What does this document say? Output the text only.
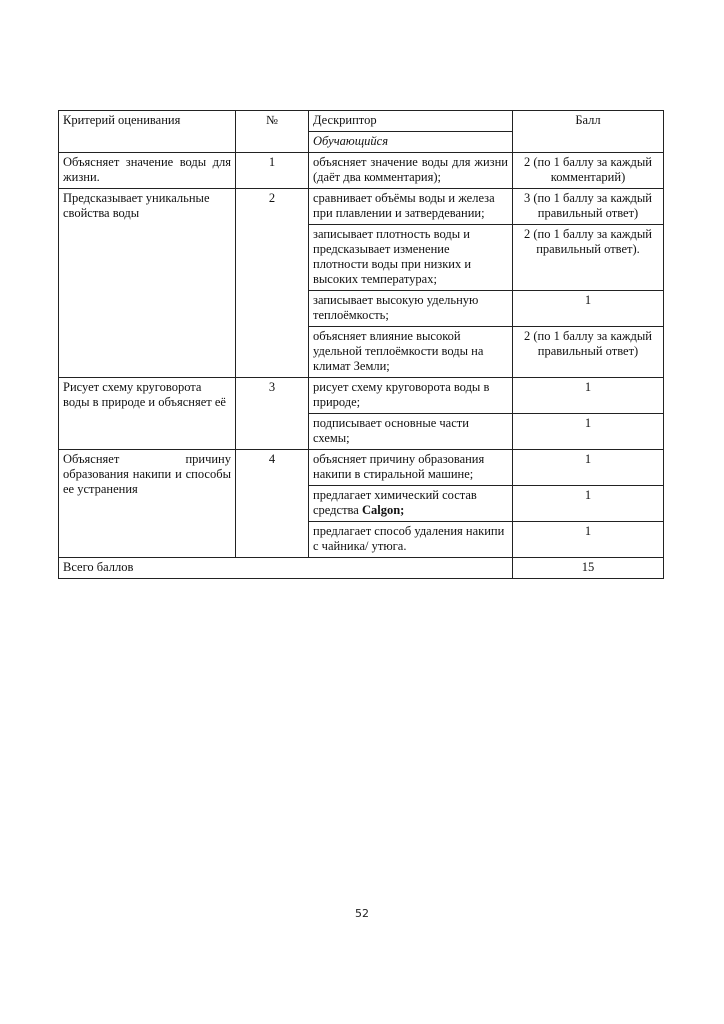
Критерий оценивания	№	Дескриптор	Балл
		Обучающийся	
Объясняет значение воды для жизни.	1	объясняет значение воды для жизни (даёт два комментария);	2 (по 1 баллу за каждый комментарий)
Предсказывает уникальные свойства воды	2	сравнивает объёмы воды и железа при плавлении и затвердевании;	3 (по 1 баллу за каждый правильный ответ)
		записывает плотность воды и предсказывает изменение плотности воды при низких и высоких температурах;	2 (по 1 баллу за каждый правильный ответ).
		записывает высокую удельную теплоёмкость;	1
		объясняет влияние высокой удельной теплоёмкости воды на климат Земли;	2 (по 1 баллу за каждый правильный ответ)
Рисует схему круговорота воды в природе и объясняет её	3	рисует схему круговорота воды в природе;	1
		подписывает основные части схемы;	1
Объясняет причину образования накипи и способы ее устранения	4	объясняет причину образования накипи в стиральной машине;	1
		предлагает химический состав средства Calgon;	1
		предлагает способ удаления накипи с чайника/ утюга.	1
Всего баллов			15
52
